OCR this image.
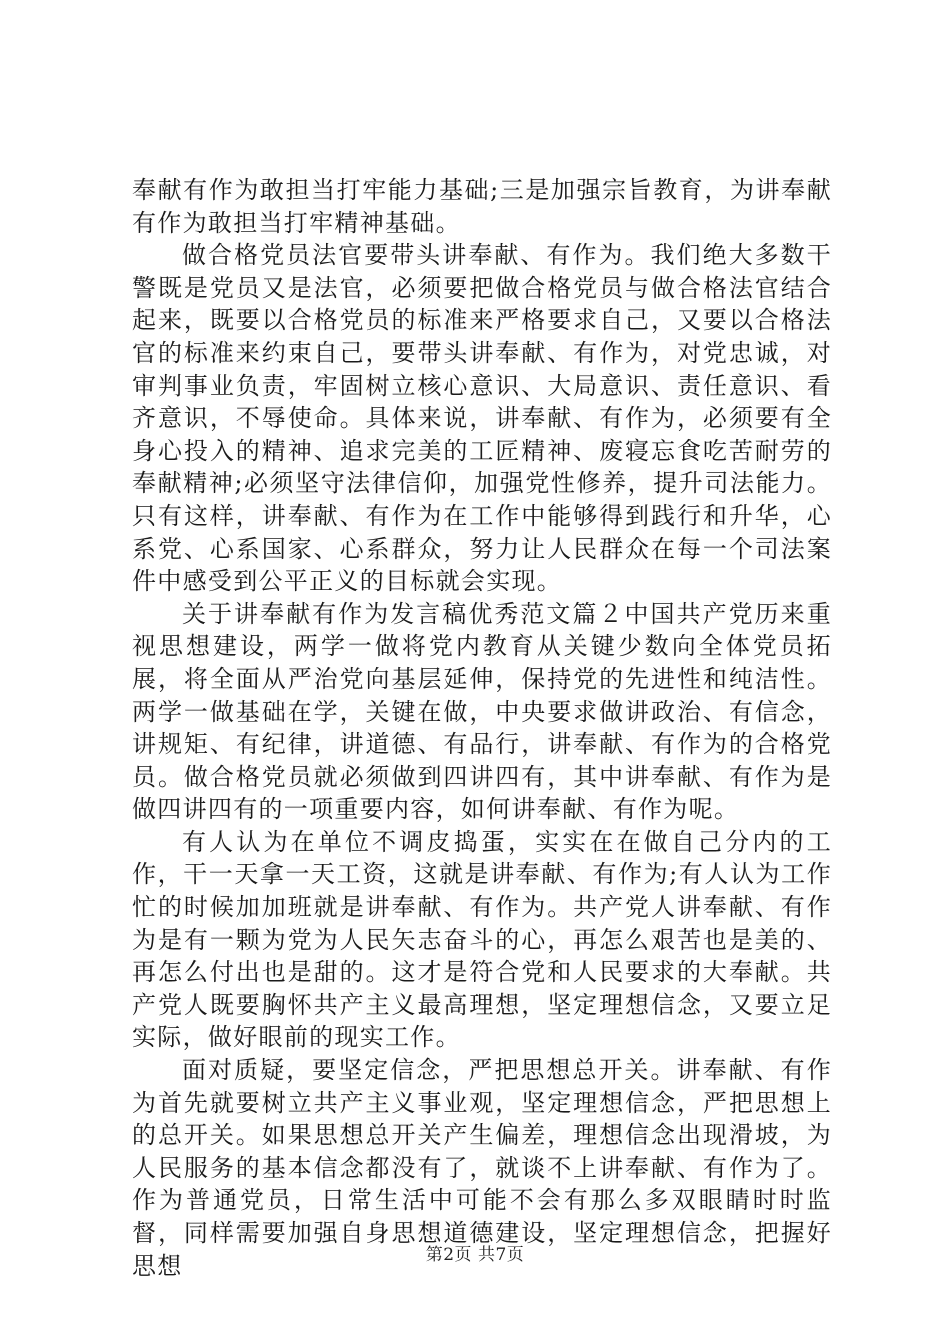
奉献有作为敢担当打牢能力基础;三是加强宗旨教育，为讲奉献有作为敢担当打牢精神基础。

做合格党员法官要带头讲奉献、有作为。我们绝大多数干警既是党员又是法官，必须要把做合格党员与做合格法官结合起来，既要以合格党员的标准来严格要求自己，又要以合格法官的标准来约束自己，要带头讲奉献、有作为，对党忠诚，对审判事业负责，牢固树立核心意识、大局意识、责任意识、看齐意识，不辱使命。具体来说，讲奉献、有作为，必须要有全身心投入的精神、追求完美的工匠精神、废寝忘食吃苦耐劳的奉献精神;必须坚守法律信仰，加强党性修养，提升司法能力。只有这样，讲奉献、有作为在工作中能够得到践行和升华，心系党、心系国家、心系群众，努力让人民群众在每一个司法案件中感受到公平正义的目标就会实现。

关于讲奉献有作为发言稿优秀范文篇２中国共产党历来重视思想建设，两学一做将党内教育从关键少数向全体党员拓展，将全面从严治党向基层延伸，保持党的先进性和纯洁性。两学一做基础在学，关键在做，中央要求做讲政治、有信念，讲规矩、有纪律，讲道德、有品行，讲奉献、有作为的合格党员。做合格党员就必须做到四讲四有，其中讲奉献、有作为是做四讲四有的一项重要内容，如何讲奉献、有作为呢。

有人认为在单位不调皮捣蛋，实实在在做自己分内的工作，干一天拿一天工资，这就是讲奉献、有作为;有人认为工作忙的时候加加班就是讲奉献、有作为。共产党人讲奉献、有作为是有一颗为党为人民矢志奋斗的心，再怎么艰苦也是美的、再怎么付出也是甜的。这才是符合党和人民要求的大奉献。共产党人既要胸怀共产主义最高理想，坚定理想信念，又要立足实际，做好眼前的现实工作。

面对质疑，要坚定信念，严把思想总开关。讲奉献、有作为首先就要树立共产主义事业观，坚定理想信念，严把思想上的总开关。如果思想总开关产生偏差，理想信念出现滑坡，为人民服务的基本信念都没有了，就谈不上讲奉献、有作为了。作为普通党员，日常生活中可能不会有那么多双眼睛时时监督，同样需要加强自身思想道德建设，坚定理想信念，把握好思想	第2页 共7页
